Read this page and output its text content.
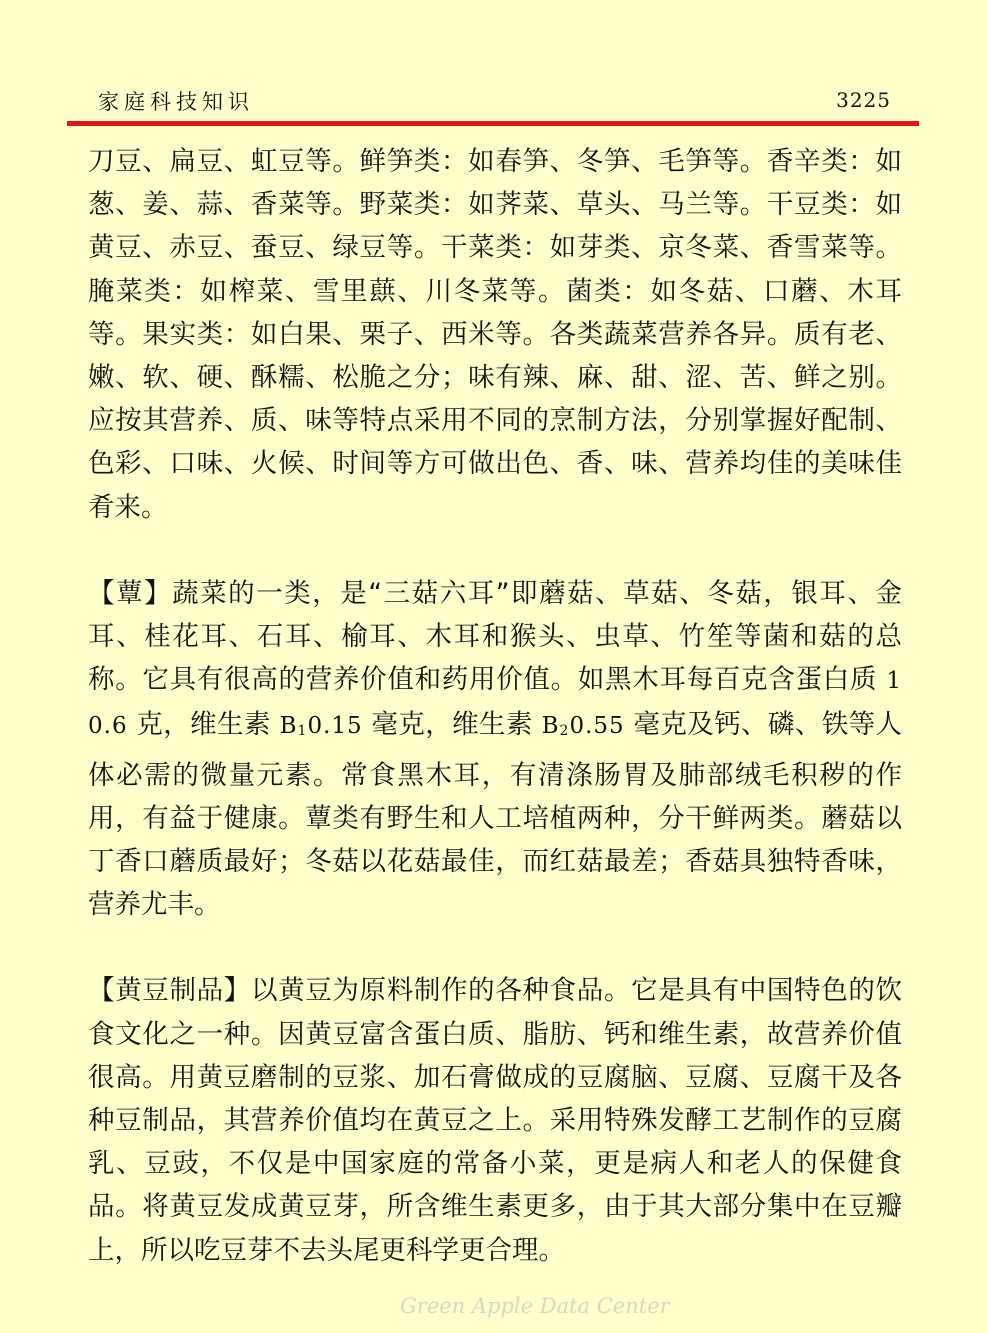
家庭科技知识	3225

刀豆、扁豆、虹豆等。鲜笋类：如春笋、冬笋、毛笋等。香辛类：如葱、姜、蒜、香菜等。野菜类：如荠菜、草头、马兰等。干豆类：如黄豆、赤豆、蚕豆、绿豆等。干菜类：如芽类、京冬菜、香雪菜等。腌菜类：如榨菜、雪里蕻、川冬菜等。菌类：如冬菇、口蘑、木耳等。果实类：如白果、栗子、西米等。各类蔬菜营养各异。质有老、嫩、软、硬、酥糯、松脆之分；味有辣、麻、甜、涩、苦、鲜之别。应按其营养、质、味等特点采用不同的烹制方法，分别掌握好配制、色彩、口味、火候、时间等方可做出色、香、味、营养均佳的美味佳肴来。

【蕈】蔬菜的一类，是“三菇六耳”即蘑菇、草菇、冬菇，银耳、金耳、桂花耳、石耳、榆耳、木耳和猴头、虫草、竹笙等菌和菇的总称。它具有很高的营养价值和药用价值。如黑木耳每百克含蛋白质 10.6 克，维生素 B10.15 毫克，维生素 B20.55 毫克及钙、磷、铁等人体必需的微量元素。常食黑木耳，有清涤肠胃及肺部绒毛积秽的作用，有益于健康。蕈类有野生和人工培植两种，分干鲜两类。蘑菇以丁香口蘑质最好；冬菇以花菇最佳，而红菇最差；香菇具独特香味，营养尤丰。

【黄豆制品】以黄豆为原料制作的各种食品。它是具有中国特色的饮食文化之一种。因黄豆富含蛋白质、脂肪、钙和维生素，故营养价值很高。用黄豆磨制的豆浆、加石膏做成的豆腐脑、豆腐、豆腐干及各种豆制品，其营养价值均在黄豆之上。采用特殊发酵工艺制作的豆腐乳、豆豉，不仅是中国家庭的常备小菜，更是病人和老人的保健食品。将黄豆发成黄豆芽，所含维生素更多，由于其大部分集中在豆瓣上，所以吃豆芽不去头尾更科学更合理。

Green Apple Data Center
